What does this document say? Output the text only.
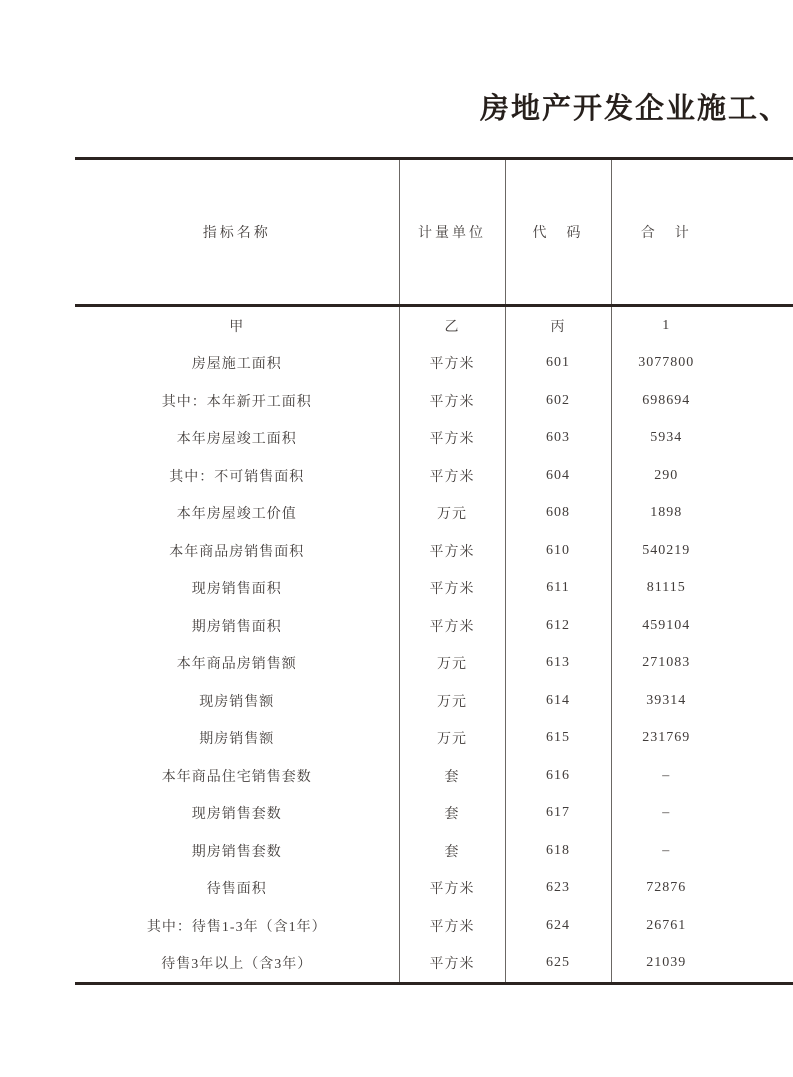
房地产开发企业施工、
指标名称	计量单位	代　码	合　计	
甲	乙	丙	1	
房屋施工面积	平方米	601	3077800	
其中：本年新开工面积	平方米	602	698694	
本年房屋竣工面积	平方米	603	5934	
其中：不可销售面积	平方米	604	290	
本年房屋竣工价值	万元	608	1898	
本年商品房销售面积	平方米	610	540219	
现房销售面积	平方米	611	81115	
期房销售面积	平方米	612	459104	
本年商品房销售额	万元	613	271083	
现房销售额	万元	614	39314	
期房销售额	万元	615	231769	
本年商品住宅销售套数	套	616	–	
现房销售套数	套	617	–	
期房销售套数	套	618	–	
待售面积	平方米	623	72876	
其中：待售1-3年（含1年）	平方米	624	26761	
待售3年以上（含3年）	平方米	625	21039	
